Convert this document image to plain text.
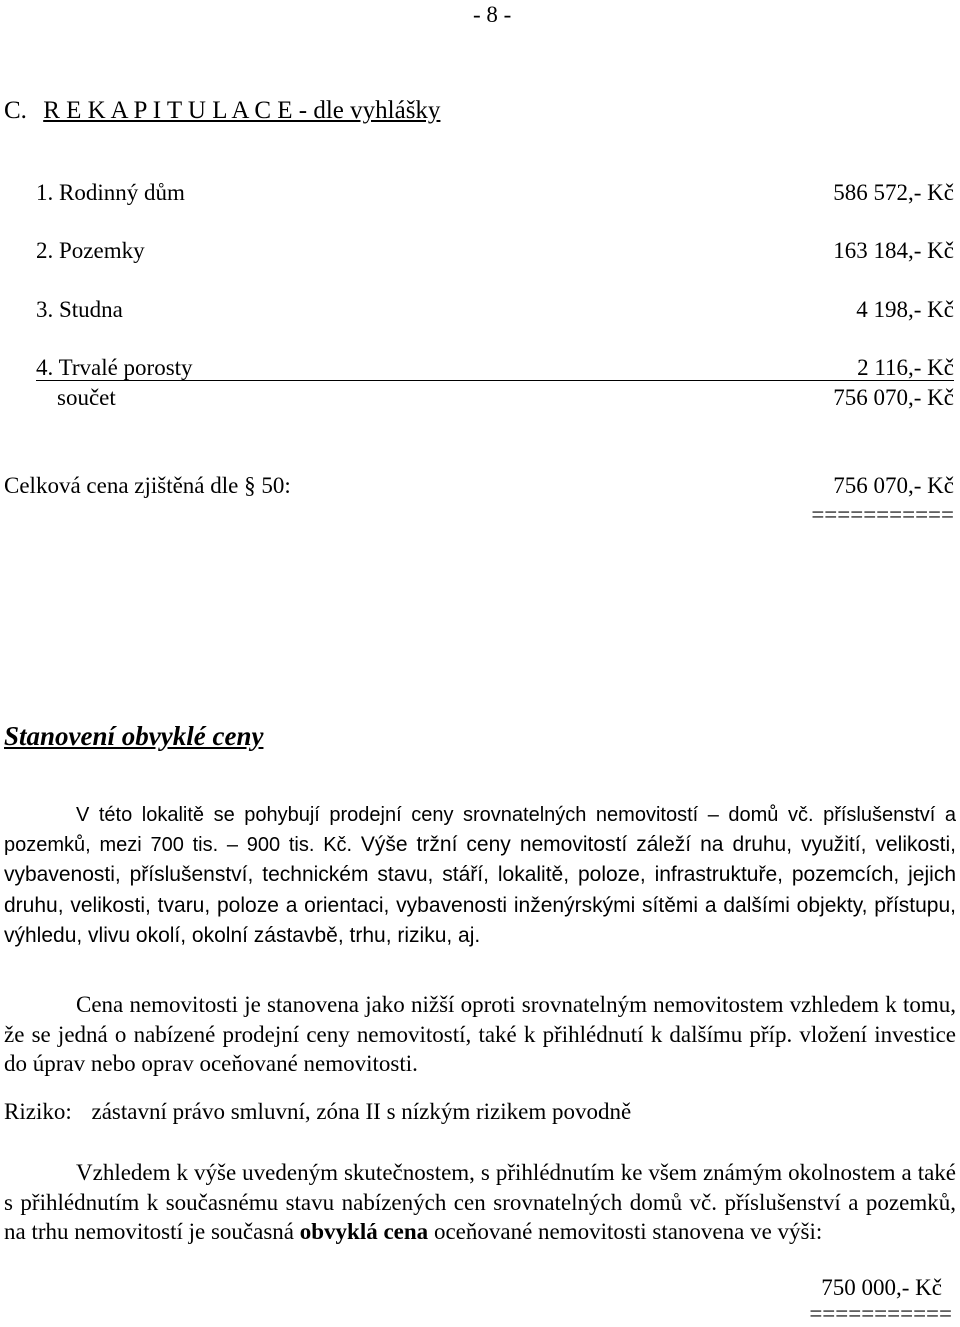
- 8 -
C. R E K A P I T U L A C E - dle vyhlášky
1. Rodinný dům	586 572,- Kč
2. Pozemky	163 184,- Kč
3. Studna	4 198,- Kč
4. Trvalé porosty	2 116,- Kč
součet	756 070,- Kč
Celková cena zjištěná dle § 50:	756 070,- Kč
===========
Stanovení obvyklé ceny
V této lokalitě se pohybují prodejní ceny srovnatelných nemovitostí – domů vč. příslušenství a pozemků, mezi 700 tis. – 900 tis. Kč. Výše tržní ceny nemovitostí záleží na druhu, využití, velikosti, vybavenosti, příslušenství, technickém stavu, stáří, lokalitě, poloze, infrastruktuře, pozemcích, jejich druhu, velikosti, tvaru, poloze a orientaci, vybavenosti inženýrskými sítěmi a dalšími objekty, přístupu, výhledu, vlivu okolí, okolní zástavbě, trhu, riziku, aj.
Cena nemovitosti je stanovena jako nižší oproti srovnatelným nemovitostem vzhledem k tomu, že se jedná o nabízené prodejní ceny nemovitostí, také k přihlédnutí k dalšímu příp. vložení investice do úprav nebo oprav oceňované nemovitosti.
Riziko: zástavní právo smluvní, zóna II s nízkým rizikem povodně
Vzhledem k výše uvedeným skutečnostem, s přihlédnutím ke všem známým okolnostem a také s přihlédnutím k současnému stavu nabízených cen srovnatelných domů vč. příslušenství a pozemků, na trhu nemovitostí je současná obvyklá cena oceňované nemovitosti stanovena ve výši:
750 000,- Kč
===========
